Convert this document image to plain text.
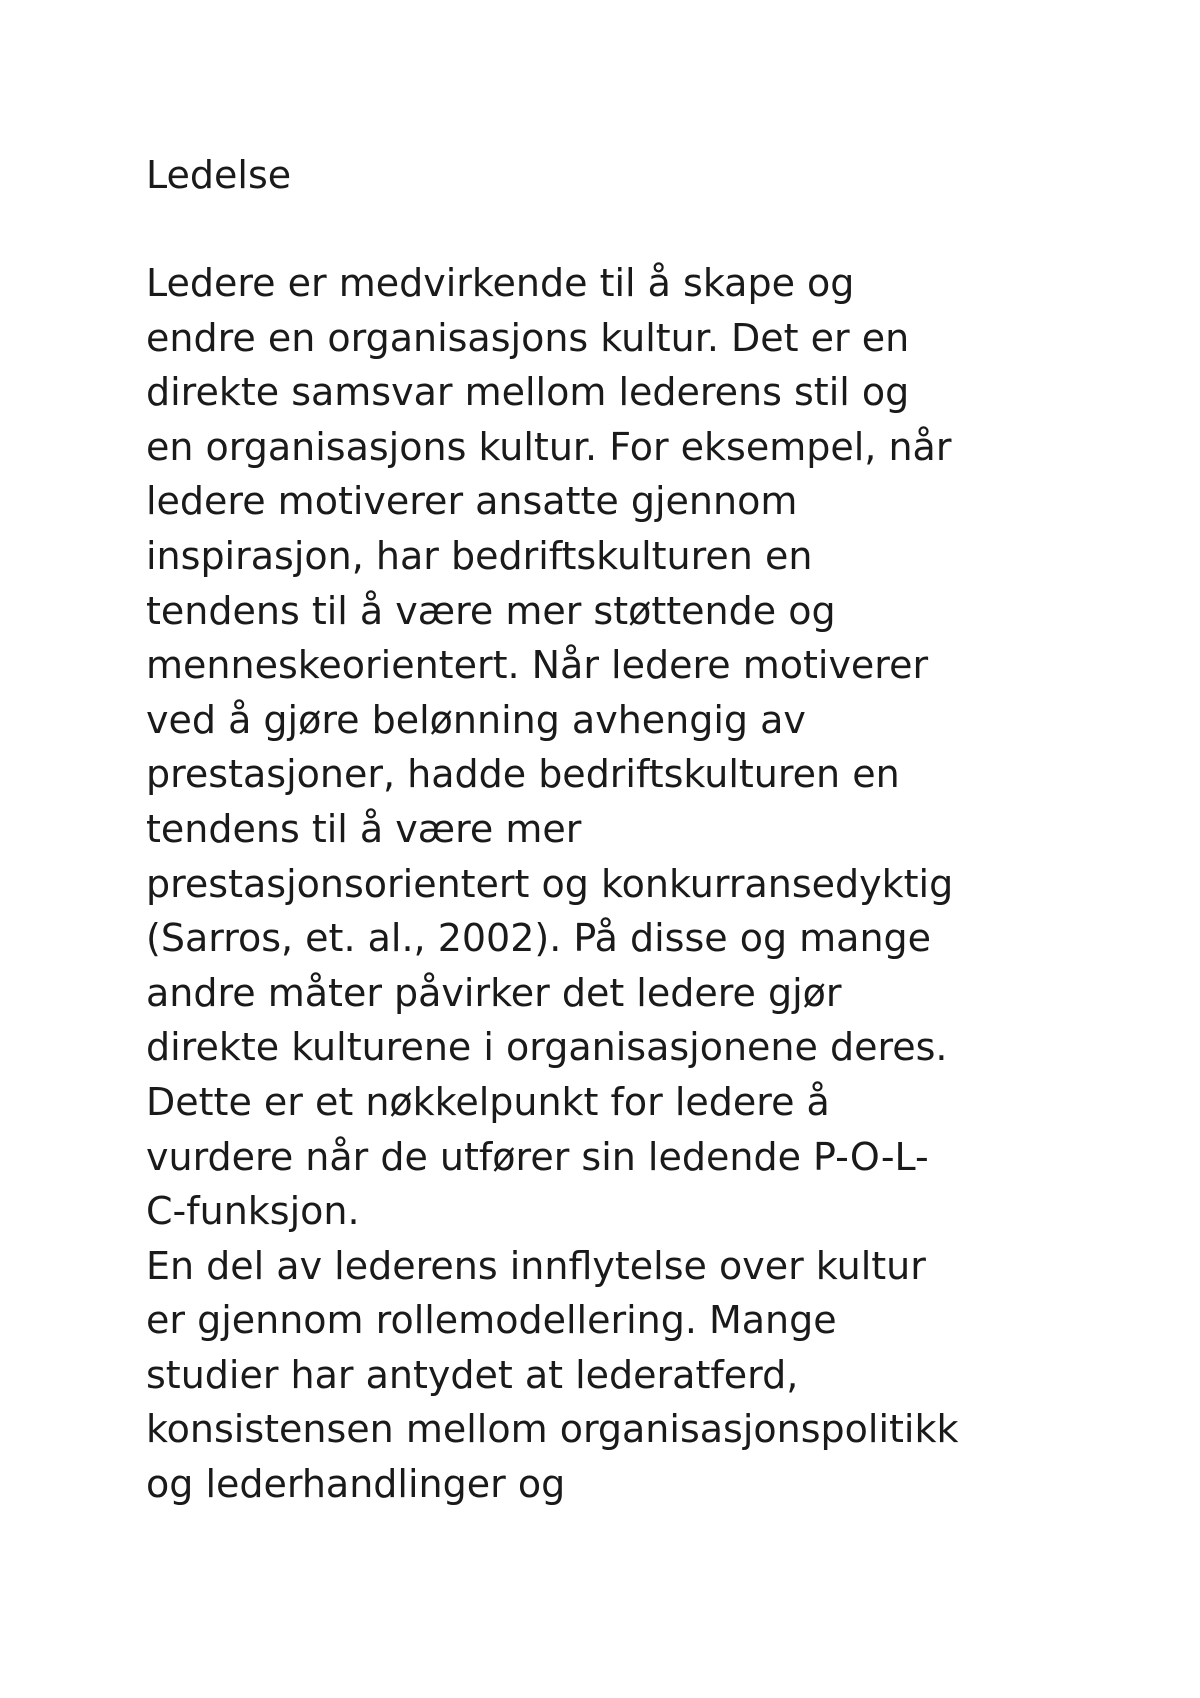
Ledelse
Ledere er medvirkende til å skape og
endre en organisasjons kultur. Det er en
direkte samsvar mellom lederens stil og
en organisasjons kultur. For eksempel, når
ledere motiverer ansatte gjennom
inspirasjon, har bedriftskulturen en
tendens til å være mer støttende og
menneskeorientert. Når ledere motiverer
ved å gjøre belønning avhengig av
prestasjoner, hadde bedriftskulturen en
tendens til å være mer
prestasjonsorientert og konkurransedyktig
(Sarros, et. al., 2002). På disse og mange
andre måter påvirker det ledere gjør
direkte kulturene i organisasjonene deres.
Dette er et nøkkelpunkt for ledere å
vurdere når de utfører sin ledende P-O-L-
C-funksjon.
En del av lederens innflytelse over kultur
er gjennom rollemodellering. Mange
studier har antydet at lederatferd,
konsistensen mellom organisasjonspolitikk
og lederhandlinger og
